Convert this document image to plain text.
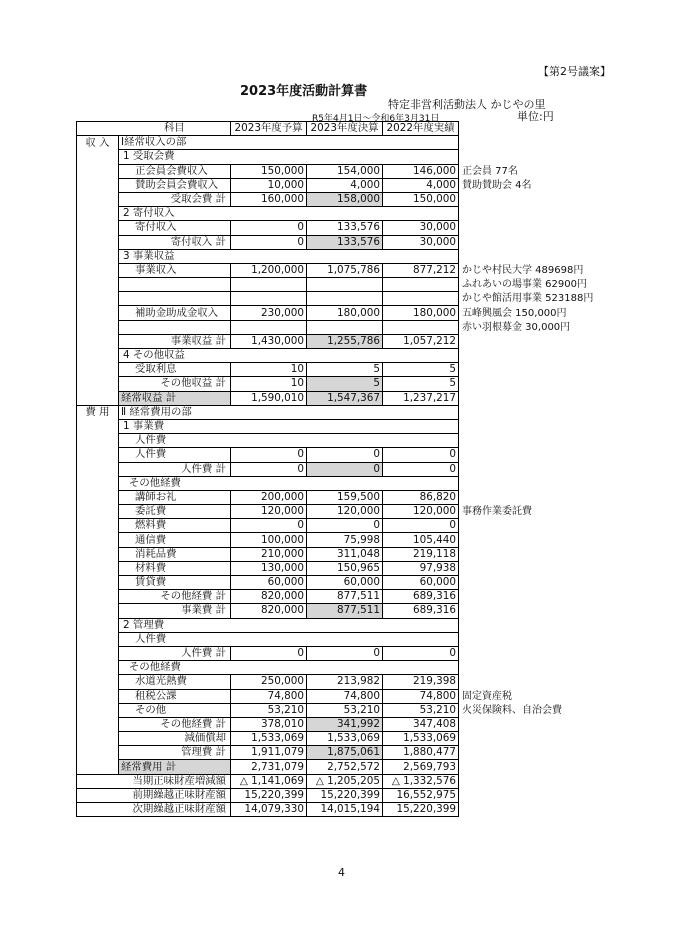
【第2号議案】
2023年度活動計算書
特定非営利活動法人 かじやの里
R5年4月1日～令和6年3月31日	単位:円
	科目	2023年度予算	2023年度決算	2022年度実績	
収 入	Ⅰ経常収入の部				
	1 受取会費				
	正会員会費収入	150,000	154,000	146,000	正会員 77名
	賛助会員会費収入	10,000	4,000	4,000	賛助賛助会 4名
	受取会費 計	160,000	158,000	150,000	
	2 寄付収入				
	寄付収入	0	133,576	30,000	
	寄付収入 計	0	133,576	30,000	
	3 事業収益				
	事業収入	1,200,000	1,075,786	877,212	かじや村民大学 489698円
					ふれあいの場事業 62900円
					かじや館活用事業 523188円
	補助金助成金収入	230,000	180,000	180,000	五峰興風会 150,000円
					赤い羽根募金 30,000円
	事業収益 計	1,430,000	1,255,786	1,057,212	
	4 その他収益				
	受取利息	10	5	5	
	その他収益 計	10	5	5	
	経常収益 計	1,590,010	1,547,367	1,237,217	
費 用	Ⅱ 経常費用の部				
	1 事業費				
	人件費				
	人件費	0	0	0	
	人件費 計	0	0	0	
	その他経費				
	講師お礼	200,000	159,500	86,820	
	委託費	120,000	120,000	120,000	事務作業委託費
	燃料費	0	0	0	
	通信費	100,000	75,998	105,440	
	消耗品費	210,000	311,048	219,118	
	材料費	130,000	150,965	97,938	
	賃貸費	60,000	60,000	60,000	
	その他経費 計	820,000	877,511	689,316	
	事業費 計	820,000	877,511	689,316	
	2 管理費				
	人件費				
	人件費 計	0	0	0	
	その他経費				
	水道光熱費	250,000	213,982	219,398	
	租税公課	74,800	74,800	74,800	固定資産税
	その他	53,210	53,210	53,210	火災保険料、自治会費
	その他経費 計	378,010	341,992	347,408	
	減価償却	1,533,069	1,533,069	1,533,069	
	管理費 計	1,911,079	1,875,061	1,880,477	
	経常費用 計	2,731,079	2,752,572	2,569,793	
当期正味財産増減額		△ 1,141,069	△ 1,205,205	△ 1,332,576	
前期繰越正味財産額		15,220,399	15,220,399	16,552,975	
次期繰越正味財産額		14,079,330	14,015,194	15,220,399	
4
